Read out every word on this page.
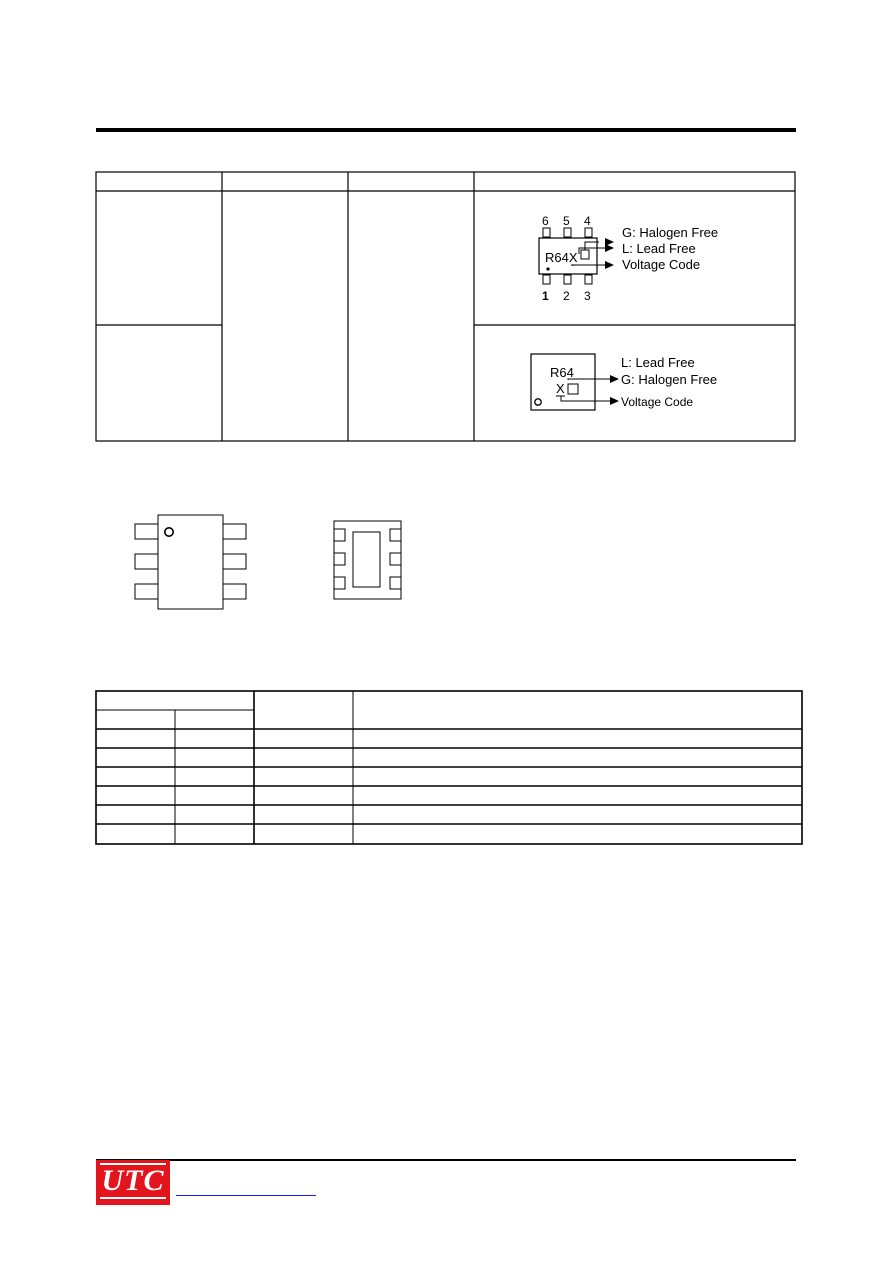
6 5 4
1 2 3
R64X
G: Halogen Free
L: Lead Free
Voltage Code
R64
X
L: Lead Free
G: Halogen Free
Voltage Code
UTC
